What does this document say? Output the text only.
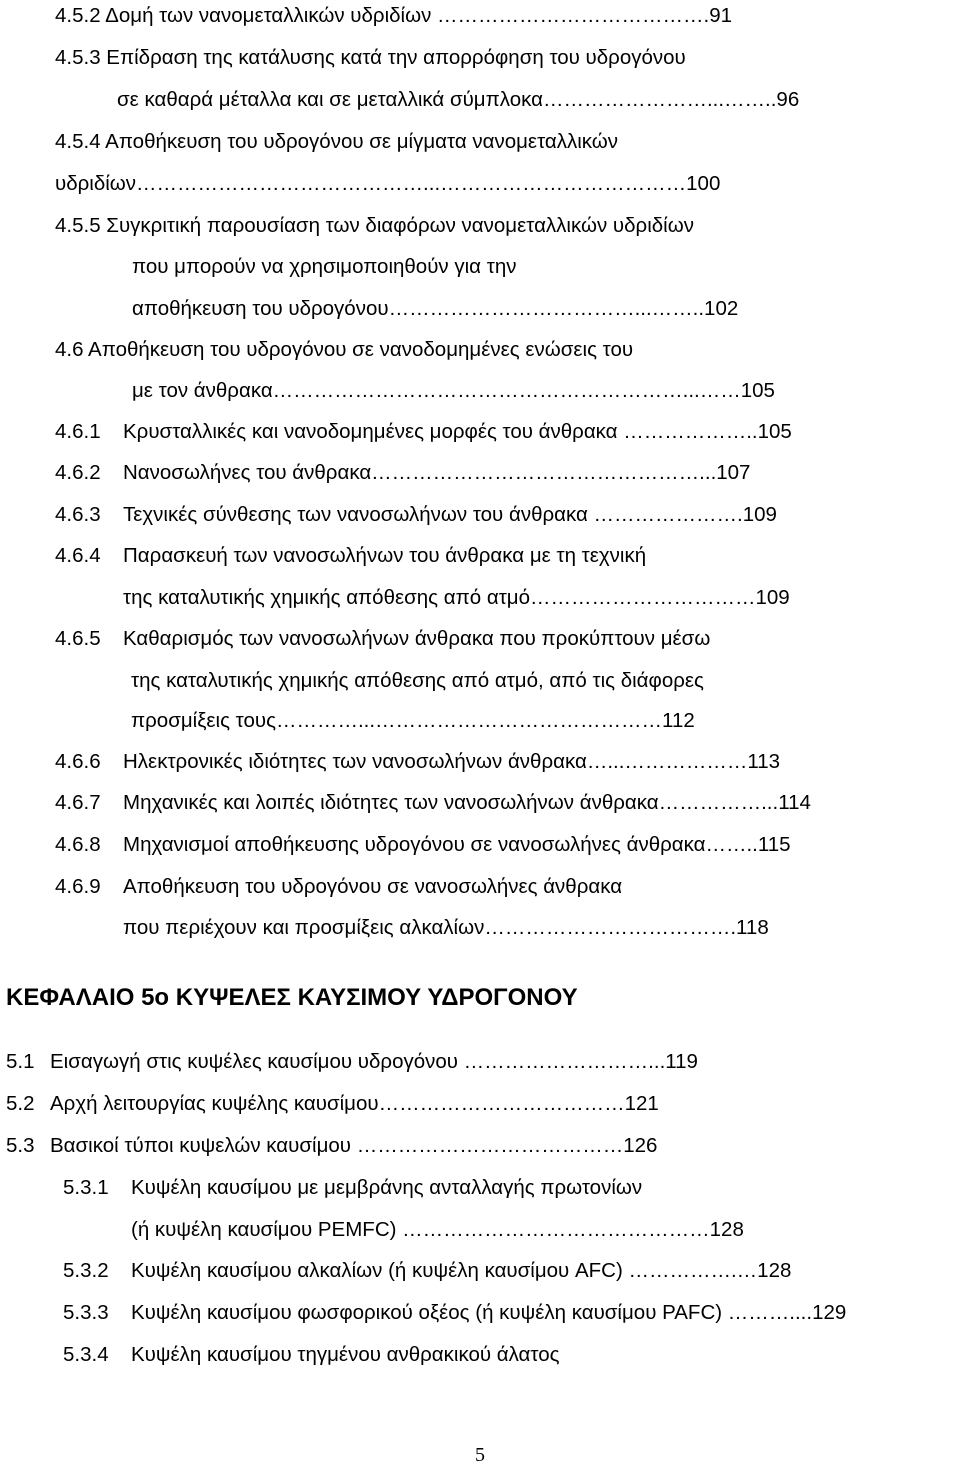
4.5.2 Δομή των νανομεταλλικών υδριδίων ………………………………….91
4.5.3 Επίδραση της κατάλυσης κατά την απορρόφηση του υδρογόνου
σε καθαρά μέταλλα και σε μεταλλικά σύμπλοκα……………………...……..96
4.5.4 Αποθήκευση του υδρογόνου σε μίγματα νανομεταλλικών
υδριδίων……………………………………...………………………………100
4.5.5 Συγκριτική παρουσίαση των διαφόρων νανομεταλλικών υδριδίων
που μπορούν να χρησιμοποιηθούν για την
αποθήκευση του υδρογόνου………………………………...……..102
4.6 Αποθήκευση του υδρογόνου σε νανοδομημένες ενώσεις του
με τον άνθρακα……………………………………………………...……105
4.6.1 Κρυσταλλικές και νανοδομημένες μορφές του άνθρακα ………………..105
4.6.2 Νανοσωλήνες του άνθρακα…………………………………………...107
4.6.3 Τεχνικές σύνθεσης των νανοσωλήνων του άνθρακα ………………….109
4.6.4 Παρασκευή των νανοσωλήνων του άνθρακα με τη τεχνική
της καταλυτικής χημικής απόθεσης από ατμό……………………………109
4.6.5 Καθαρισμός των νανοσωλήνων άνθρακα που προκύπτουν μέσω
της καταλυτικής χημικής απόθεσης από ατμό, από τις διάφορες
προσμίξεις τους…………...……………………………………112
4.6.6 Ηλεκτρονικές ιδιότητες των νανοσωλήνων άνθρακα…...………………113
4.6.7 Μηχανικές και λοιπές ιδιότητες των νανοσωλήνων άνθρακα……………...114
4.6.8 Μηχανισμοί αποθήκευσης υδρογόνου σε νανοσωλήνες άνθρακα……..115
4.6.9 Αποθήκευση του υδρογόνου σε νανοσωλήνες άνθρακα
που περιέχουν και προσμίξεις αλκαλίων……………………………….118
5.1 Εισαγωγή στις κυψέλες καυσίμου υδρογόνου ………………………...119
5.2 Αρχή λειτουργίας κυψέλης καυσίμου………………………………121
5.3 Βασικοί τύποι κυψελών καυσίμου …………………………………126
5.3.1 Κυψέλη καυσίμου με μεμβράνης ανταλλαγής πρωτονίων
(ή κυψέλη καυσίμου PEMFC) ………………………………………128
5.3.2 Κυψέλη καυσίμου αλκαλίων (ή κυψέλη καυσίμου AFC) …………….…128
5.3.3 Κυψέλη καυσίμου φωσφορικού οξέος (ή κυψέλη καυσίμου PAFC) ………....129
5.3.4 Κυψέλη καυσίμου τηγμένου ανθρακικού άλατος
ΚΕΦΑΛΑΙΟ 5ο ΚΥΨΕΛΕΣ ΚΑΥΣΙΜΟΥ ΥΔΡΟΓΟΝΟΥ
5
